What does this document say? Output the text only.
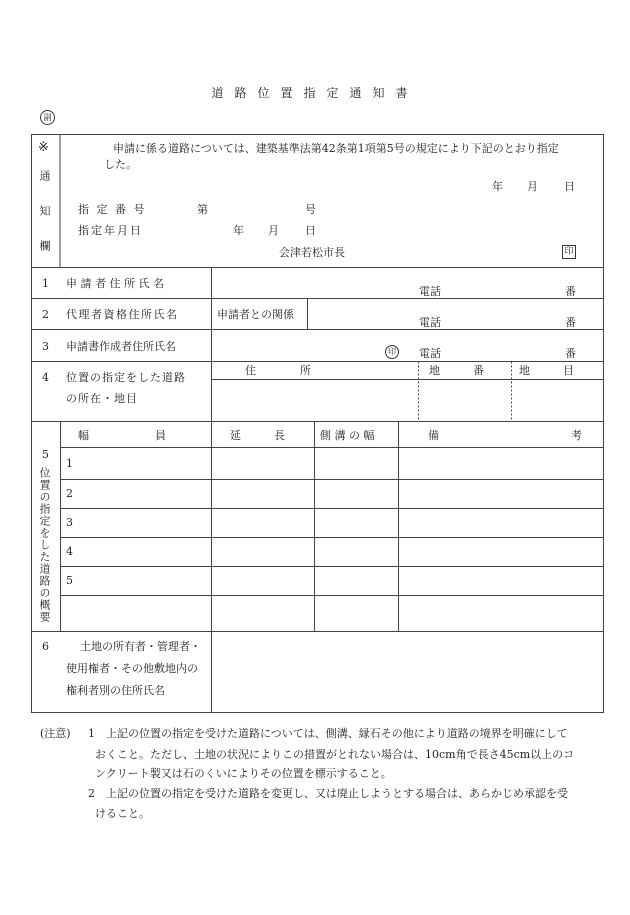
道路位置指定通知書
副
※
通知欄
申請に係る道路については、建築基準法第42条第1項第5号の規定により下記のとおり指定
した。
年 月 日
指 定 番 号	第	号
指定年月日	年 月 日
会津若松市長	印
1 申 請 者 住 所 氏 名
電話	番
2 代理者資格住所氏名	申請者との関係
電話	番
3 申請書作成者住所氏名	印 電話	番
4 位置の指定をした道路
の所在・地目
住　　　　所	地　　　番	地　　　目
5
位置の指定をした道路の概要
幅　　　　　　員	延　　　長	側 溝 の 幅	備　　　　　　　　　　　　考
1
2
3
4
5
6	土地の所有者・管理者・
使用権者・その他敷地内の
権利者別の住所氏名
(注意) 1 上記の位置の指定を受けた道路については、側溝、縁石その他により道路の境界を明確にして
おくこと。ただし、土地の状況によりこの措置がとれない場合は、10cm角で長さ45cm以上のコ
ンクリート製又は石のくいによりその位置を標示すること。
2 上記の位置の指定を受けた道路を変更し、又は廃止しようとする場合は、あらかじめ承認を受
けること。
